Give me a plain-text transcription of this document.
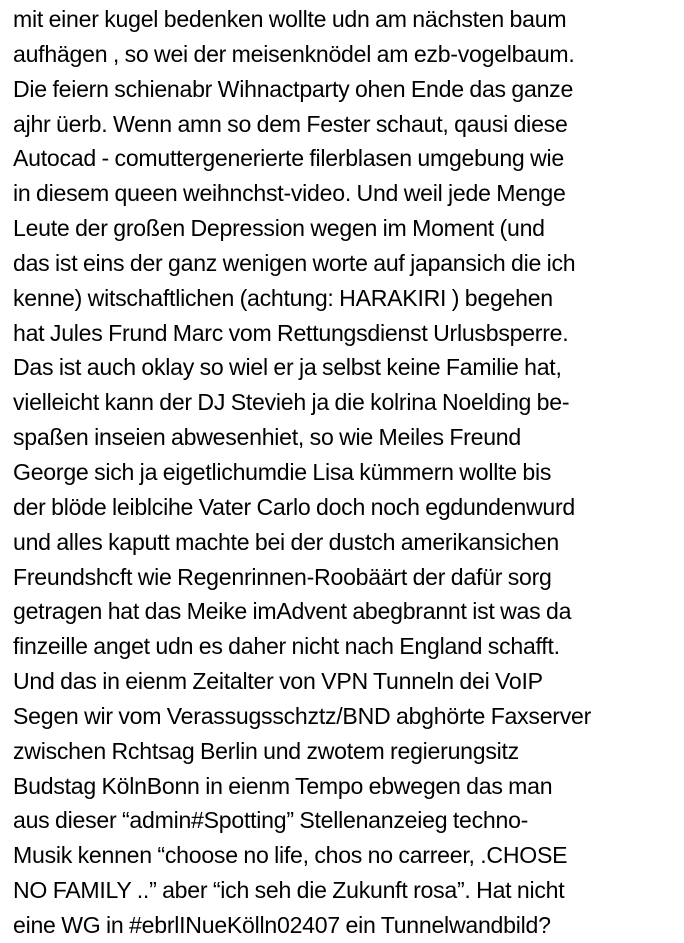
mit einer kugel bedenken wollte udn am nächsten baum
aufhägen , so wei der meisenknödel am ezb-vogelbaum.
Die feiern schienabr Wihnactparty ohen Ende das ganze
ajhr üerb. Wenn amn so dem Fester schaut, qausi diese
Autocad - comuttergenerierte filerblasen umgebung wie
in diesem queen weihnchst-video. Und weil jede Menge
Leute der großen Depression wegen im Moment (und
das ist eins der ganz wenigen worte auf japansich die ich
kenne) witschaftlichen (achtung: HARAKIRI ) begehen
hat Jules Frund Marc vom Rettungsdienst Urlusbsperre.
Das ist auch oklay so wiel er ja selbst keine Familie hat,
vielleicht kann der DJ Stevieh ja die kolrina Noelding be-
spaßen inseien abwesenhiet, so wie Meiles Freund
George sich ja eigetlichumdie Lisa kümmern wollte bis
der blöde leiblcihe Vater Carlo doch noch egdundenwurd
und alles kaputt machte bei der dustch amerikansichen
Freundshcft wie Regenrinnen-Roobäärt der dafür sorg
getragen hat das Meike imAdvent abegbrannt ist was da
finzeille anget udn es daher nicht nach England schafft.
Und das in eienm Zeitalter von VPN Tunneln dei VoIP
Segen wir vom Verassugsschztz/BND abghörte Faxserver
zwischen Rchtsag Berlin und zwotem regierungsitz
Budstag KölnBonn in eienm Tempo ebwegen das man
aus dieser “admin#Spotting” Stellenanzeieg techno-
Musik kennen “choose no life, chos no carreer, .CHOSE
NO FAMILY ..” aber “ich seh die Zukunft rosa”. Hat nicht
eine WG in #ebrlINueKölln02407 ein Tunnelwandbild?
